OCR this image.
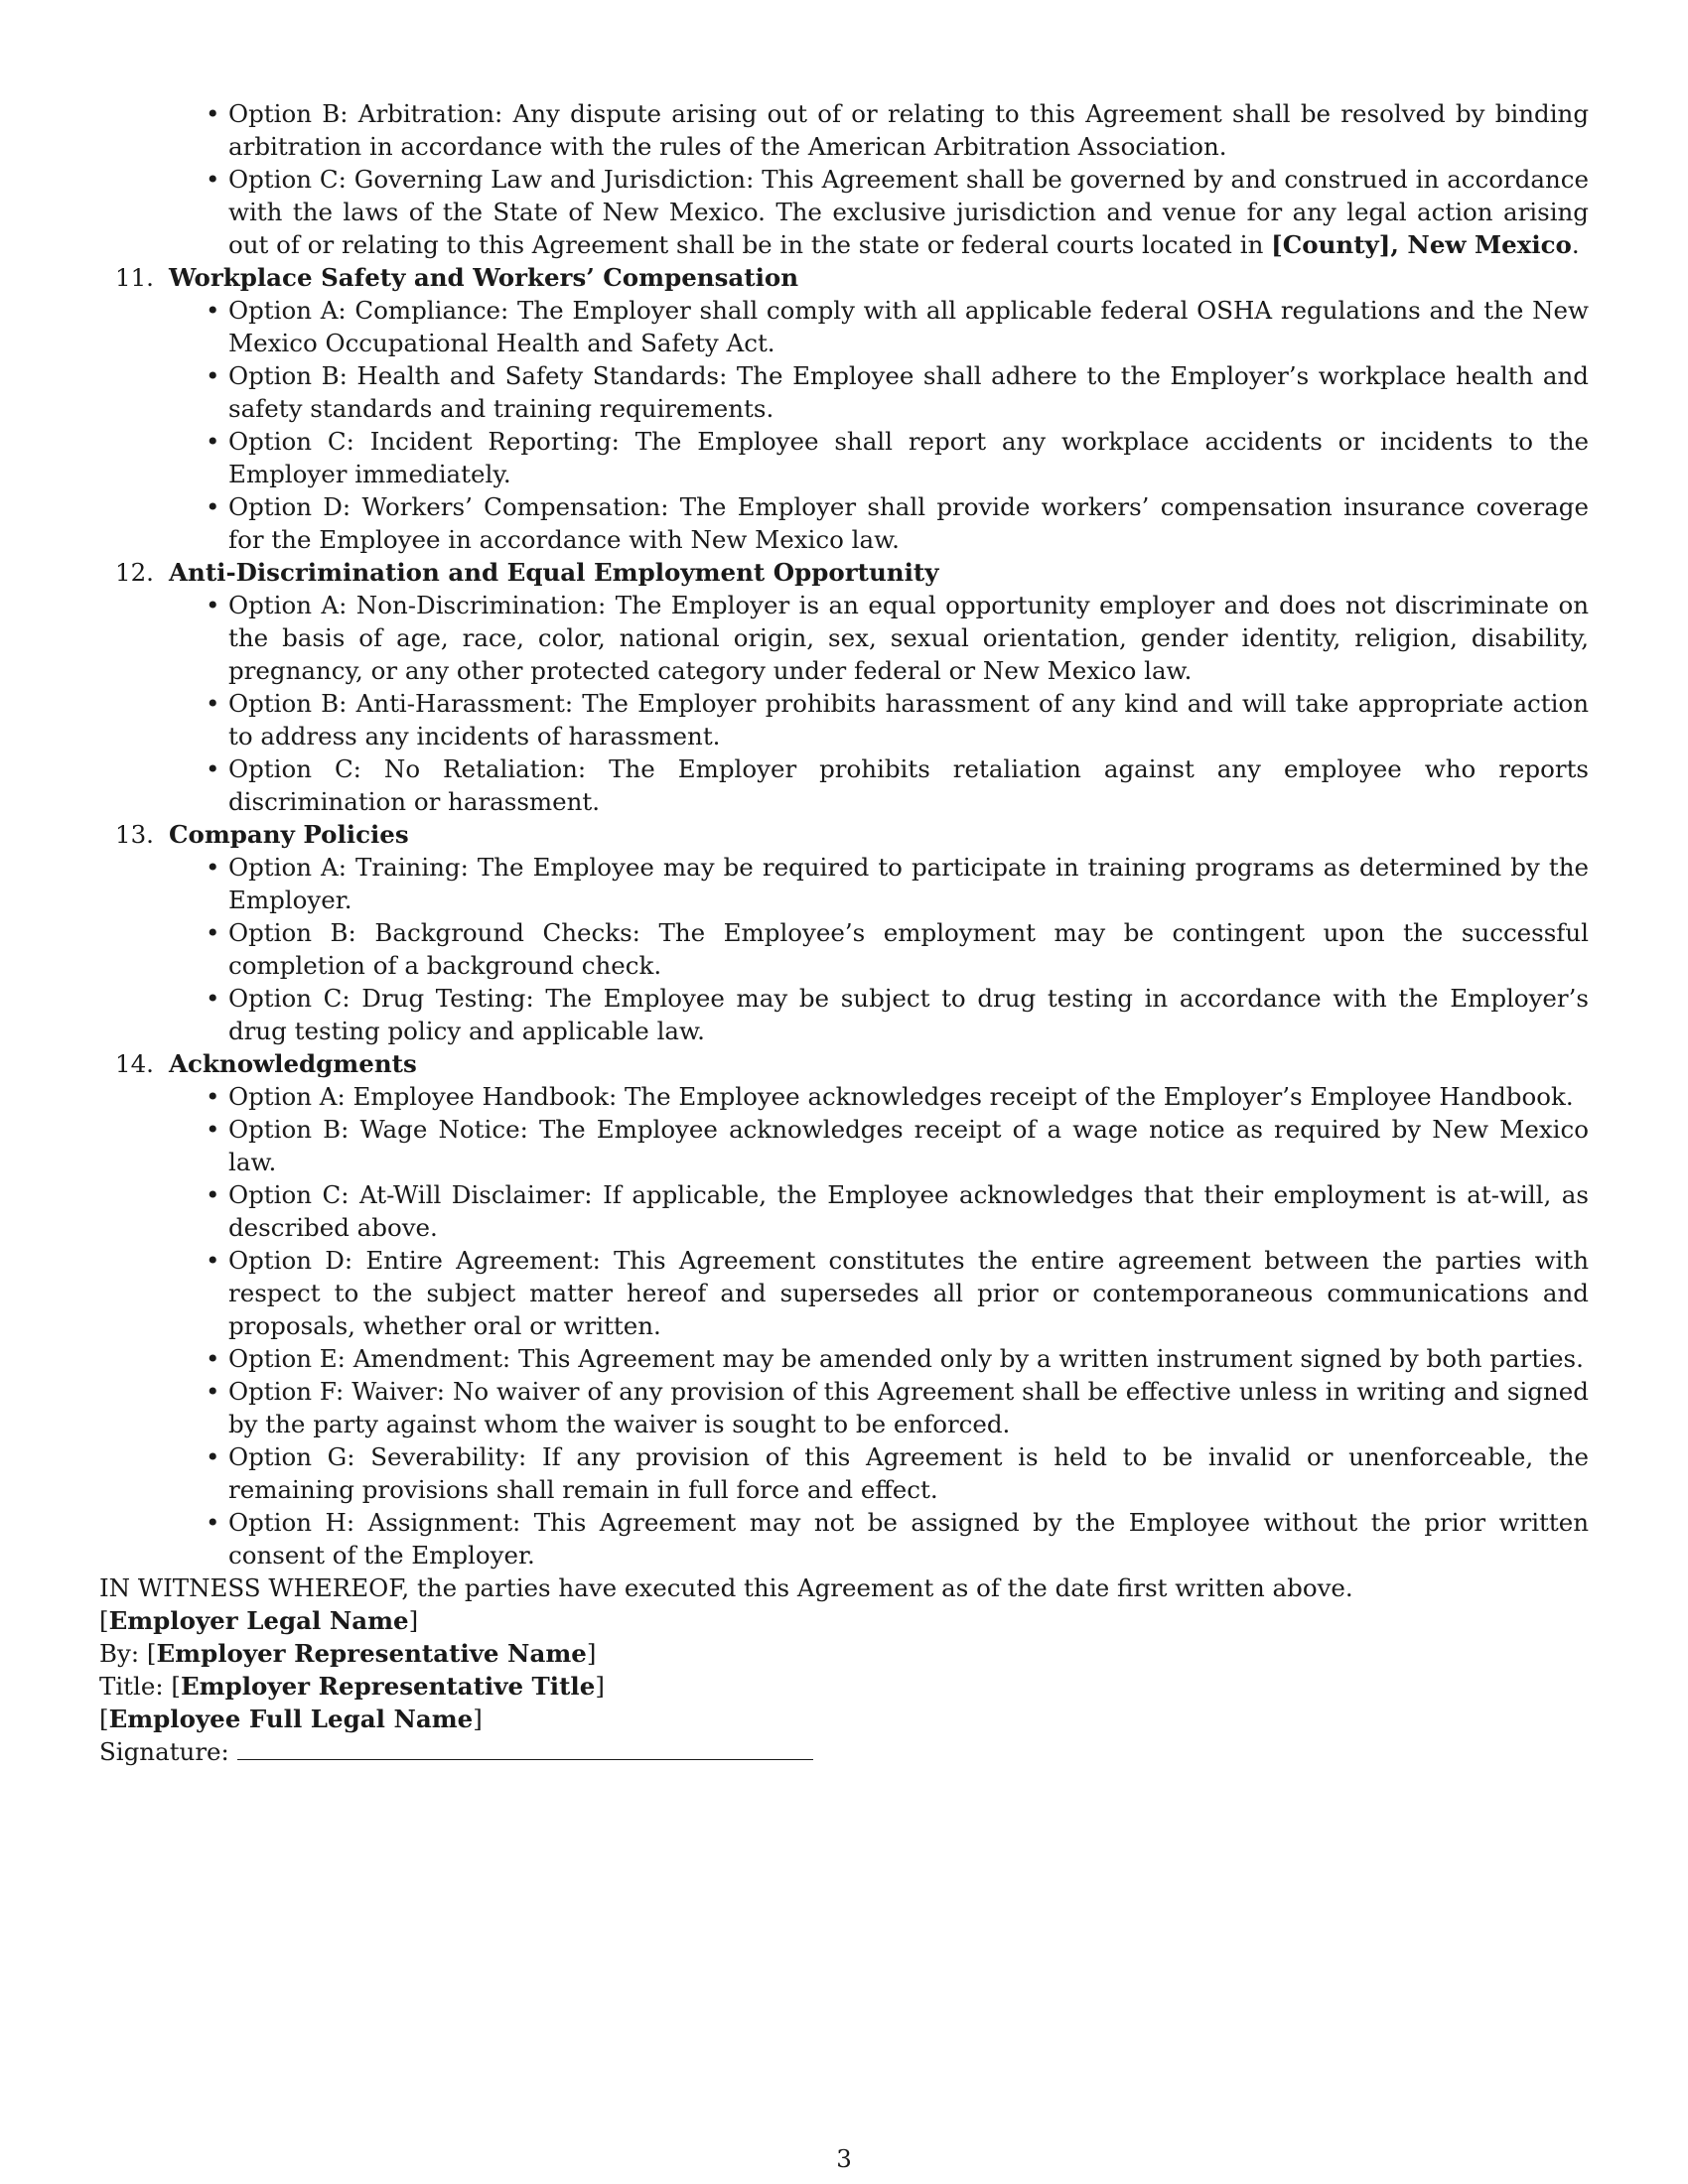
• Option B: Arbitration: Any dispute arising out of or relating to this Agreement shall be resolved by binding arbitration in accordance with the rules of the American Arbitration Association.
• Option C: Governing Law and Jurisdiction: This Agreement shall be governed by and construed in accordance with the laws of the State of New Mexico. The exclusive jurisdiction and venue for any legal action arising out of or relating to this Agreement shall be in the state or federal courts located in [County], New Mexico.
11. Workplace Safety and Workers’ Compensation
• Option A: Compliance: The Employer shall comply with all applicable federal OSHA regulations and the New Mexico Occupational Health and Safety Act.
• Option B: Health and Safety Standards: The Employee shall adhere to the Employer’s workplace health and safety standards and training requirements.
• Option C: Incident Reporting: The Employee shall report any workplace accidents or incidents to the Employer immediately.
• Option D: Workers’ Compensation: The Employer shall provide workers’ compensation insurance coverage for the Employee in accordance with New Mexico law.
12. Anti-Discrimination and Equal Employment Opportunity
• Option A: Non-Discrimination: The Employer is an equal opportunity employer and does not discriminate on the basis of age, race, color, national origin, sex, sexual orientation, gender identity, religion, disability, pregnancy, or any other protected category under federal or New Mexico law.
• Option B: Anti-Harassment: The Employer prohibits harassment of any kind and will take appropriate action to address any incidents of harassment.
• Option C: No Retaliation: The Employer prohibits retaliation against any employee who reports discrimination or harassment.
13. Company Policies
• Option A: Training: The Employee may be required to participate in training programs as determined by the Employer.
• Option B: Background Checks: The Employee’s employment may be contingent upon the successful completion of a background check.
• Option C: Drug Testing: The Employee may be subject to drug testing in accordance with the Employer’s drug testing policy and applicable law.
14. Acknowledgments
• Option A: Employee Handbook: The Employee acknowledges receipt of the Employer’s Employee Handbook.
• Option B: Wage Notice: The Employee acknowledges receipt of a wage notice as required by New Mexico law.
• Option C: At-Will Disclaimer: If applicable, the Employee acknowledges that their employment is at-will, as described above.
• Option D: Entire Agreement: This Agreement constitutes the entire agreement between the parties with respect to the subject matter hereof and supersedes all prior or contemporaneous communications and proposals, whether oral or written.
• Option E: Amendment: This Agreement may be amended only by a written instrument signed by both parties.
• Option F: Waiver: No waiver of any provision of this Agreement shall be effective unless in writing and signed by the party against whom the waiver is sought to be enforced.
• Option G: Severability: If any provision of this Agreement is held to be invalid or unenforceable, the remaining provisions shall remain in full force and effect.
• Option H: Assignment: This Agreement may not be assigned by the Employee without the prior written consent of the Employer.

IN WITNESS WHEREOF, the parties have executed this Agreement as of the date first written above.

[Employer Legal Name]

By: [Employer Representative Name]

Title: [Employer Representative Title]

[Employee Full Legal Name]

Signature:

3
